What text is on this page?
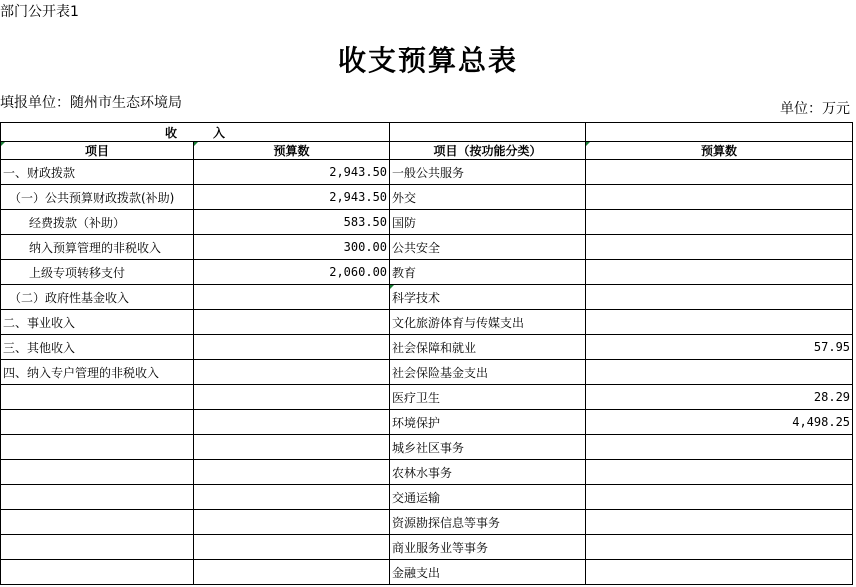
部门公开表1
收支预算总表
填报单位：随州市生态环境局	单位：万元
收　　　入			
项目	预算数	项目（按功能分类）	预算数
一、财政拨款	2,943.50	一般公共服务	
（一）公共预算财政拨款(补助)	2,943.50	外交	
经费拨款（补助）	583.50	国防	
纳入预算管理的非税收入	300.00	公共安全	
上级专项转移支付	2,060.00	教育	
（二）政府性基金收入		科学技术	
二、事业收入		文化旅游体育与传媒支出	
三、其他收入		社会保障和就业	57.95
四、纳入专户管理的非税收入		社会保险基金支出	
		医疗卫生	28.29
		环境保护	4,498.25
		城乡社区事务	
		农林水事务	
		交通运输	
		资源勘探信息等事务	
		商业服务业等事务	
		金融支出	
